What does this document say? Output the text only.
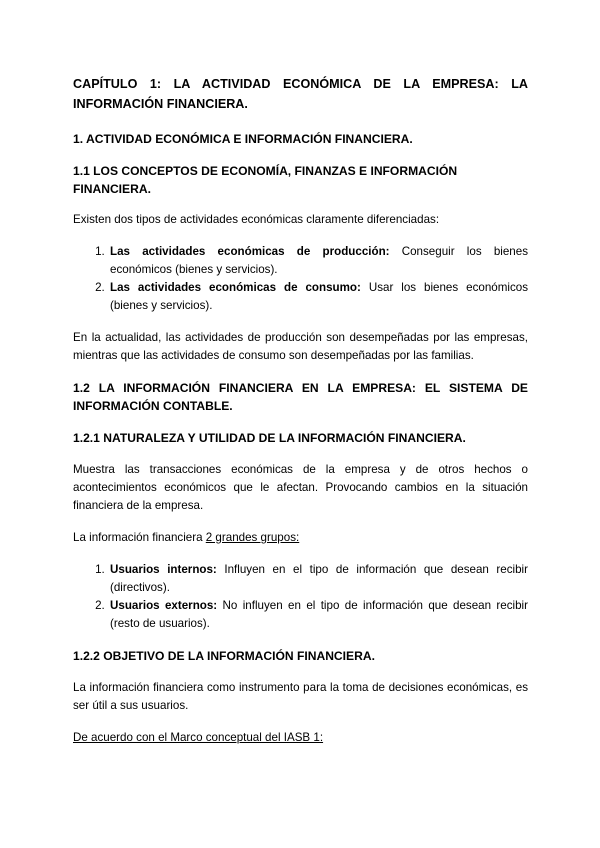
CAPÍTULO 1: LA ACTIVIDAD ECONÓMICA DE LA EMPRESA: LA INFORMACIÓN FINANCIERA.
1. ACTIVIDAD ECONÓMICA E INFORMACIÓN FINANCIERA.
1.1 LOS CONCEPTOS DE ECONOMÍA, FINANZAS E INFORMACIÓN FINANCIERA.

Existen dos tipos de actividades económicas claramente diferenciadas:

1. Las actividades económicas de producción: Conseguir los bienes económicos (bienes y servicios).
2. Las actividades económicas de consumo: Usar los bienes económicos (bienes y servicios).

En la actualidad, las actividades de producción son desempeñadas por las empresas, mientras que las actividades de consumo son desempeñadas por las familias.

1.2 LA INFORMACIÓN FINANCIERA EN LA EMPRESA: EL SISTEMA DE INFORMACIÓN CONTABLE.
1.2.1 NATURALEZA Y UTILIDAD DE LA INFORMACIÓN FINANCIERA.

Muestra las transacciones económicas de la empresa y de otros hechos o acontecimientos económicos que le afectan. Provocando cambios en la situación financiera de la empresa.

La información financiera 2 grandes grupos:

1. Usuarios internos: Influyen en el tipo de información que desean recibir (directivos).
2. Usuarios externos: No influyen en el tipo de información que desean recibir (resto de usuarios).
1.2.2 OBJETIVO DE LA INFORMACIÓN FINANCIERA.

La información financiera como instrumento para la toma de decisiones económicas, es ser útil a sus usuarios.

De acuerdo con el Marco conceptual del IASB 1:
